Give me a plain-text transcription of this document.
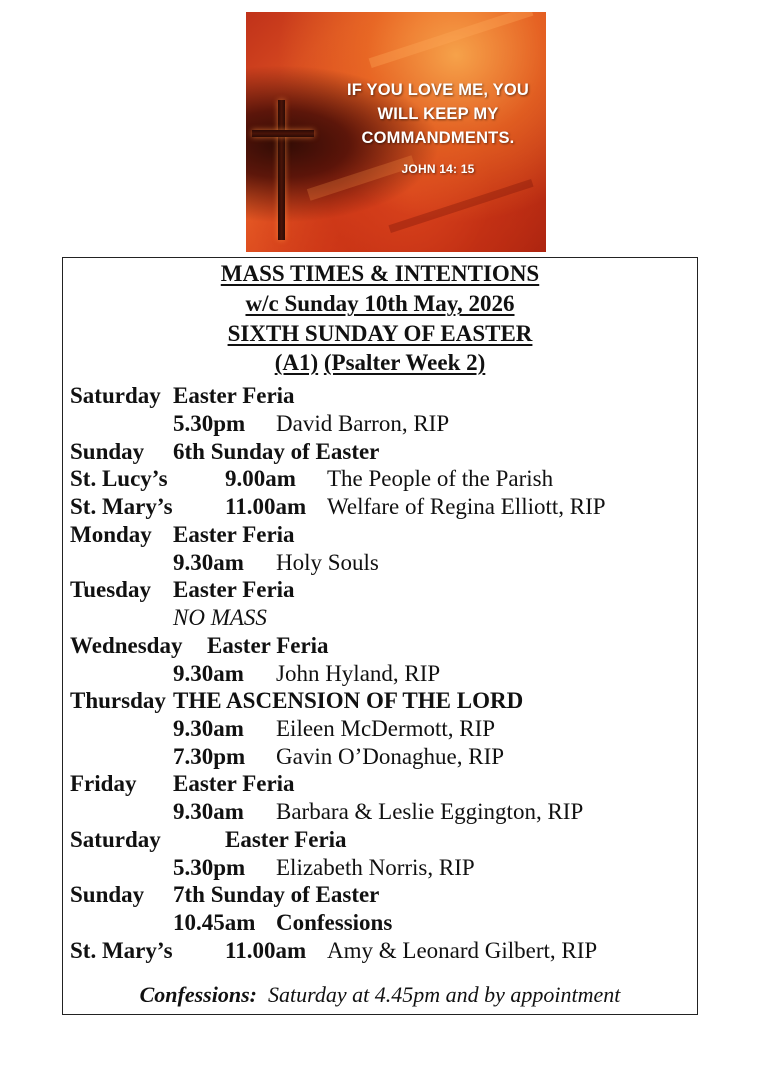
IF YOU LOVE ME, YOU
WILL KEEP MY
COMMANDMENTS.
JOHN 14: 15
MASS TIMES & INTENTIONS
w/c Sunday 10th May, 2026
SIXTH SUNDAY OF EASTER
(A1) (Psalter Week 2)
Saturday Easter Feria
5.30pm David Barron, RIP
Sunday 6th Sunday of Easter
St. Lucy’s 9.00am The People of the Parish
St. Mary’s 11.00am Welfare of Regina Elliott, RIP
Monday Easter Feria
9.30am Holy Souls
Tuesday Easter Feria
NO MASS
Wednesday Easter Feria
9.30am John Hyland, RIP
Thursday THE ASCENSION OF THE LORD
9.30am Eileen McDermott, RIP
7.30pm Gavin O’Donaghue, RIP
Friday Easter Feria
9.30am Barbara & Leslie Eggington, RIP
Saturday	Easter Feria
5.30pm Elizabeth Norris, RIP
Sunday 7th Sunday of Easter
10.45am Confessions
St. Mary’s 11.00am Amy & Leonard Gilbert, RIP
Confessions: Saturday at 4.45pm and by appointment
